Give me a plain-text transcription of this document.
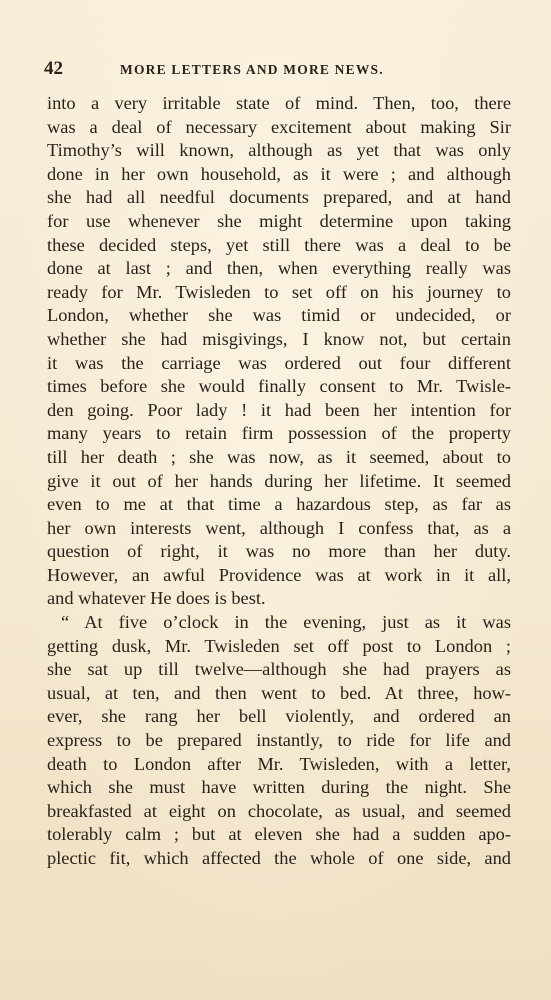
42	MORE LETTERS AND MORE NEWS.
into a very irritable state of mind. Then, too, there
was a deal of necessary excitement about making Sir
Timothy’s will known, although as yet that was only
done in her own household, as it were ; and although
she had all needful documents prepared, and at hand
for use whenever she might determine upon taking
these decided steps, yet still there was a deal to be
done at last ; and then, when everything really was
ready for Mr. Twisleden to set off on his journey to
London, whether she was timid or undecided, or
whether she had misgivings, I know not, but certain
it was the carriage was ordered out four different
times before she would finally consent to Mr. Twisle-
den going. Poor lady ! it had been her intention for
many years to retain firm possession of the property
till her death ; she was now, as it seemed, about to
give it out of her hands during her lifetime. It seemed
even to me at that time a hazardous step, as far as
her own interests went, although I confess that, as a
question of right, it was no more than her duty.
However, an awful Providence was at work in it all,
and whatever He does is best.
“ At five o’clock in the evening, just as it was
getting dusk, Mr. Twisleden set off post to London ;
she sat up till twelve—although she had prayers as
usual, at ten, and then went to bed. At three, how-
ever, she rang her bell violently, and ordered an
express to be prepared instantly, to ride for life and
death to London after Mr. Twisleden, with a letter,
which she must have written during the night. She
breakfasted at eight on chocolate, as usual, and seemed
tolerably calm ; but at eleven she had a sudden apo-
plectic fit, which affected the whole of one side, and
